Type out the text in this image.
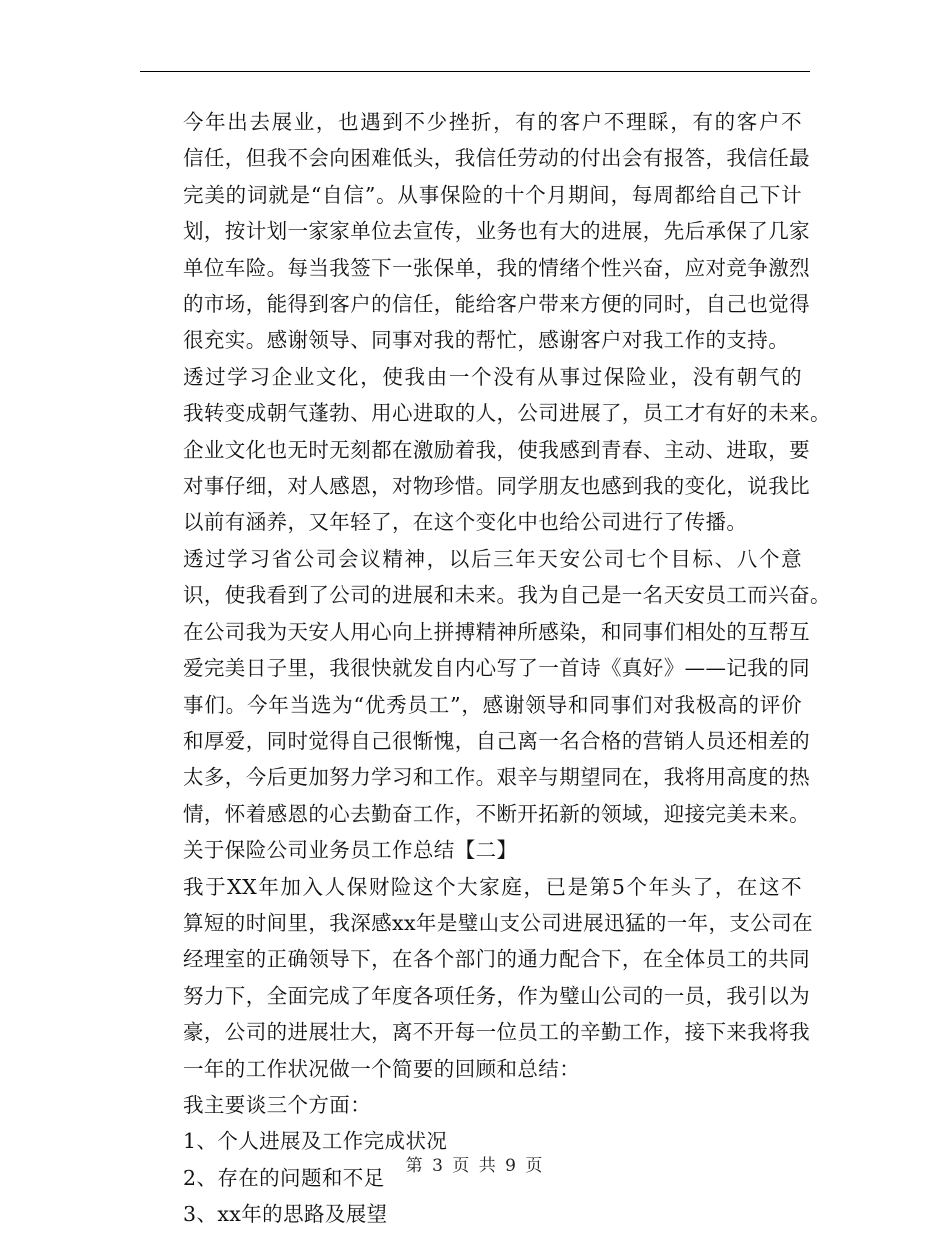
今年出去展业，也遇到不少挫折，有的客户不理睬，有的客户不
信任，但我不会向困难低头，我信任劳动的付出会有报答，我信任最
完美的词就是“自信”。从事保险的十个月期间，每周都给自己下计
划，按计划一家家单位去宣传，业务也有大的进展，先后承保了几家
单位车险。每当我签下一张保单，我的情绪个性兴奋，应对竞争激烈
的市场，能得到客户的信任，能给客户带来方便的同时，自己也觉得
很充实。感谢领导、同事对我的帮忙，感谢客户对我工作的支持。

透过学习企业文化，使我由一个没有从事过保险业，没有朝气的
我转变成朝气蓬勃、用心进取的人，公司进展了，员工才有好的未来。
企业文化也无时无刻都在激励着我，使我感到青春、主动、进取，要
对事仔细，对人感恩，对物珍惜。同学朋友也感到我的变化，说我比
以前有涵养，又年轻了，在这个变化中也给公司进行了传播。

透过学习省公司会议精神，以后三年天安公司七个目标、八个意
识，使我看到了公司的进展和未来。我为自己是一名天安员工而兴奋。
在公司我为天安人用心向上拼搏精神所感染，和同事们相处的互帮互
爱完美日子里，我很快就发自内心写了一首诗《真好》——记我的同
事们。今年当选为“优秀员工”，感谢领导和同事们对我极高的评价
和厚爱，同时觉得自己很惭愧，自己离一名合格的营销人员还相差的
太多，今后更加努力学习和工作。艰辛与期望同在，我将用高度的热
情，怀着感恩的心去勤奋工作，不断开拓新的领域，迎接完美未来。

关于保险公司业务员工作总结【二】

我于XX年加入人保财险这个大家庭，已是第5个年头了，在这不
算短的时间里，我深感xx年是璧山支公司进展迅猛的一年，支公司在
经理室的正确领导下，在各个部门的通力配合下，在全体员工的共同
努力下，全面完成了年度各项任务，作为璧山公司的一员，我引以为
豪，公司的进展壮大，离不开每一位员工的辛勤工作，接下来我将我
一年的工作状况做一个简要的回顾和总结：

我主要谈三个方面：

1、个人进展及工作完成状况
2、存在的问题和不足
3、xx年的思路及展望
第 3 页 共 9 页
